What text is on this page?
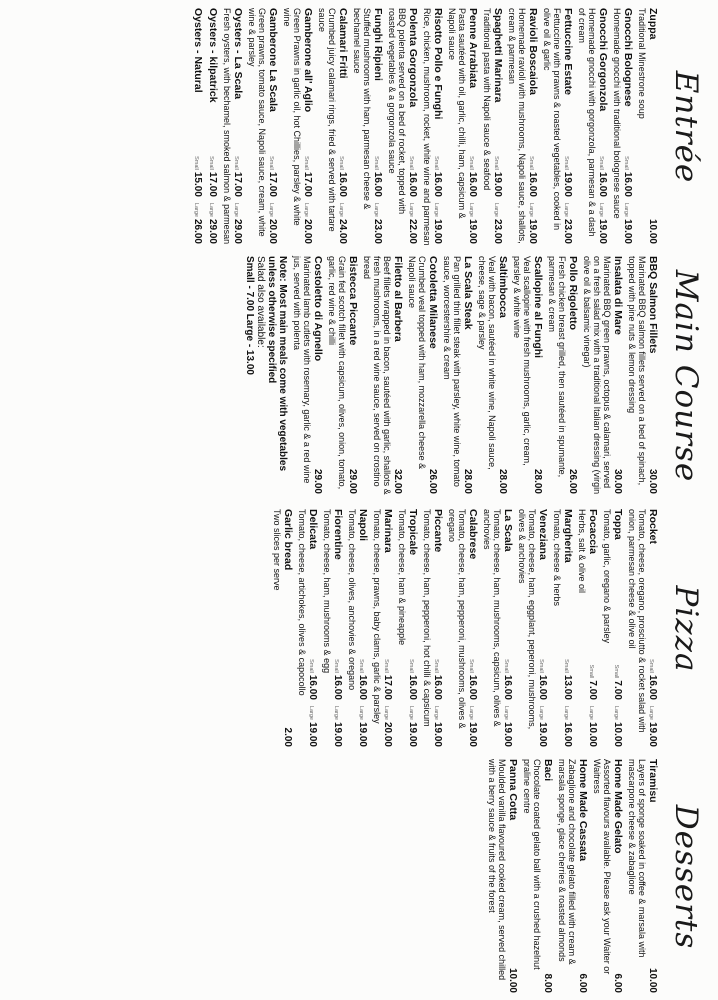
Entrée
Zuppa
Traditional Minestrone soup
10.00
Gnocchi Bolognese
Homemade gnocchi with traditional bolognese sauce Small16.00Large19.00
Gnocchi Gorgonzola
Homemade gnocchi with gorgonzola, parmesan & a dash of cream
Small16.00Large19.00
Fettuccine Estate
Fettuccine with prawns & roasted vegetables, cooked in olive oil & garlic
Small19.00Large23.00
Ravioli Boscaiola
Homemade ravioli with mushrooms, Napoli sauce, shallots, cream & parmesan
Small16.00Large19.00
Spaghetti Marinara
Traditional pasta with Napoli sauce & seafood Small19.00Large23.00
Penne Arrabiata
Pasta sautéed with oil, garlic, chilli, ham, capsicum & Napoli sauce
Small16.00Large19.00
Risotto Pollo e Funghi
Rice, chicken, mushroom, rocket, white wine and parmesan Small16.00Large19.00
Polenta Gorgonzola
BBQ polenta served on a bed of rocket, topped with roasted vegetables & a gorgonzola sauce	Small16.00Large22.00
Funghi Ripieni
Stuffed mushrooms with ham, parmesan cheese & bechamel sauce
Small16.00Large23.00
Calamari Fritti
Crumbed juicy calamari rings, fried & served with tartare sauce
Small16.00Large24.00
Gamberone all' Aglio
Green Prawns in garlic oil, hot Chillies, parsley & white wine
Small17.00Large20.00
Gamberone La Scala
Green prawns, tomato sauce, Napoli sauce, cream, white wine & parsley
Small17.00Large20.00
Oysters - La Scala
Fresh oysters, with bechamel, smoked salmon & parmesan Small17.00Large29.00
Oysters - kilpatrick
Small17.00Large29.00
Oysters - Natural
Small15.00Large26.00
Main Course
BBQ Salmon Fillets
Marinated BBQ salmon fillets served on a bed of spinach, topped with pine nuts & lemon dressing
30.00
Insalata di Mare
Marinated BBQ green prawns, octopus & calamari, served on a fresh salad mix with a traditional Italian dressing (virgin olive oil & balsamic vinegar)
30.00
Pollo Rigoletto
Fresh chicken breast grilled, then sautéed in spumante, parmesan & cream
26.00
Scallopine al Funghi
Veal scallopine with fresh mushrooms, garlic, cream, parsley & white wine
28.00
Saltimbocca
Veal with bacon, sautéed in white wine, Napoli sauce, cheese, sage & parsley
28.00
La Scala Steak
Pan grilled thin fillet steak with parsley, white wine, tomato sauce, worcestershire & cream
28.00
Cotoletta Milanese
Crumbed veal topped with ham, mozzarella cheese & Napoli sauce
26.00
Filetto al Barbera
Beef fillets wrapped in bacon, sautéed with garlic, shallots & fresh mushrooms, in a red wine sauce, served on crostino bread
32.00
Bistecca Piccante
Grain fed scotch fillet with capsicum, olives, onion, tomato, garlic, red wine & chilli
29.00
Costoletto di Agnello
Marinated lamb cutlets with rosemary, garlic & a red wine jus, served with polenta
29.00
Note: Most main meals come with vegetables unless otherwise specified
Salad also available:
Small - 7.00 Large - 13.00
Pizza
Rocket
Tomato, cheese, oregano, prosciutto & rocket salad with onion, parmesan cheese & olive oil
Small16.00Large19.00
Toppa
Tomato, garlic, oregano & parsley
Small7.00Large10.00
Focaccia
Herbs, salt & olive oil
Small7.00Large10.00
Margherita
Tomato, cheese & herbs
Small13.00Large16.00
Veneziana
Tomato, cheese, ham, eggplant, peperoni, mushrooms, olives & anchovies
Small16.00Large19.00
La Scala
Tomato, cheese, ham, mushrooms, capsicum, olives & anchovies
Small16.00Large19.00
Calabrese
Tomato, cheese, ham, pepperoni, mushrooms, olives & oregano
Small16.00Large19.00
Piccante
Tomato, cheese, ham, pepperoni, hot chilli & capsicum Small16.00Large19.00
Tropicale
Tomato, cheese, ham & pineapple
Small16.00Large19.00
Marinara
Tomato, cheese, prawns, baby clams, garlic & parsley Small17.00Large20.00
Napoli
Tomato, cheese, olives, anchovies & oregano Small16.00Large19.00
Fiorentine
Tomato, cheese, ham, mushrooms & egg Small16.00Large19.00
Delicata
Tomato, cheese, artichokes, olives & capocollo Small16.00Large19.00
Garlic bread
Two slices per serve
2.00
Desserts
Tiramisu
Layers of sponge soaked in coffee & marsala with mascarpone cheese & zabaglione
10.00
Home Made Gelato
Assorted flavours available. Please ask your Waiter or Waitress
6.00
Home Made Cassata
Zabaglione and chocolate gelato filled with cream & marsala sponge, glace cherries & roasted almonds
6.00
Baci
Chocolate coated gelato ball with a crushed hazelnut praline centre
8.00
Panna Cotta
Moulded vanilla flavoured cooked cream, served chilled with a berry sauce & fruits of the forest
10.00
